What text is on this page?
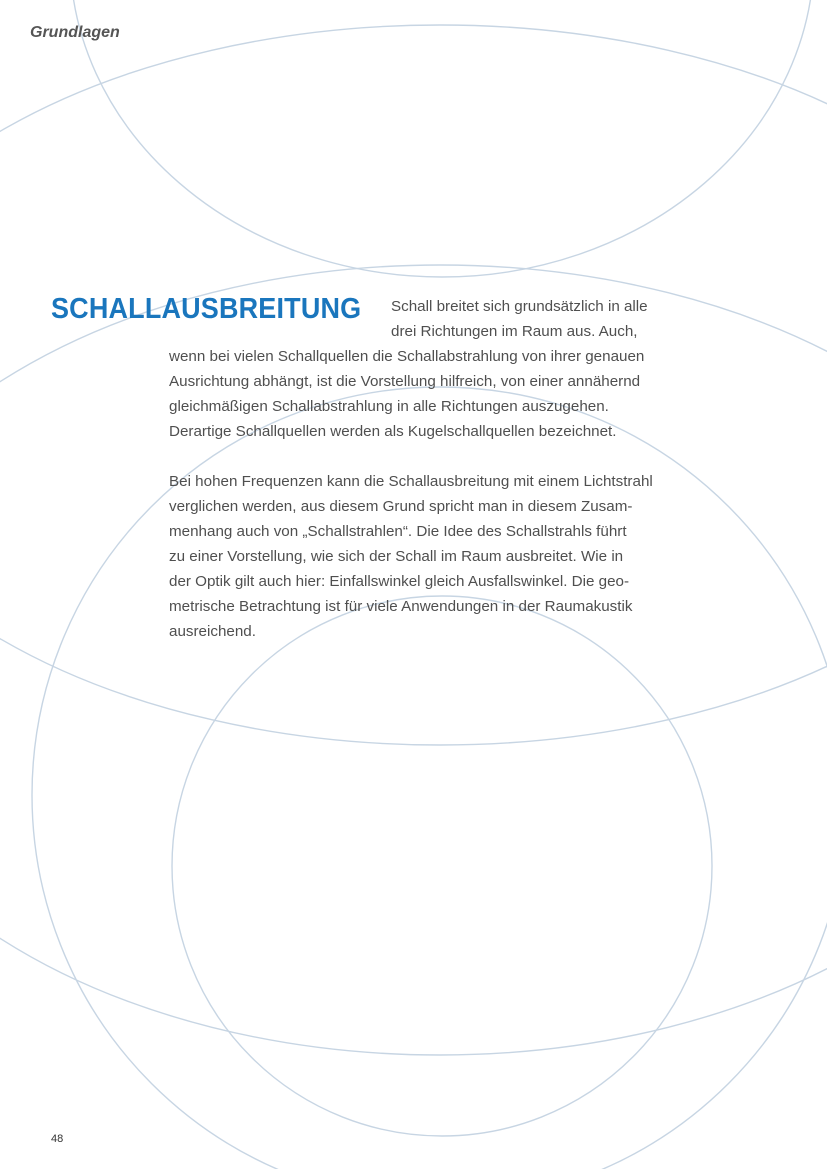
Grundlagen
SCHALLAUSBREITUNG	Schall breitet sich grundsätzlich in alle
drei Richtungen im Raum aus. Auch,
wenn bei vielen Schallquellen die Schallabstrahlung von ihrer genauen
Ausrichtung abhängt, ist die Vorstellung hilfreich, von einer annähernd
gleichmäßigen Schallabstrahlung in alle Richtungen auszugehen.
Derartige Schallquellen werden als Kugelschallquellen bezeichnet.
Bei hohen Frequenzen kann die Schallausbreitung mit einem Lichtstrahl
verglichen werden, aus diesem Grund spricht man in diesem Zusam-
menhang auch von „Schallstrahlen“. Die Idee des Schallstrahls führt
zu einer Vorstellung, wie sich der Schall im Raum ausbreitet. Wie in
der Optik gilt auch hier: Einfallswinkel gleich Ausfallswinkel. Die geo-
metrische Betrachtung ist für viele Anwendungen in der Raumakustik
ausreichend.
48
